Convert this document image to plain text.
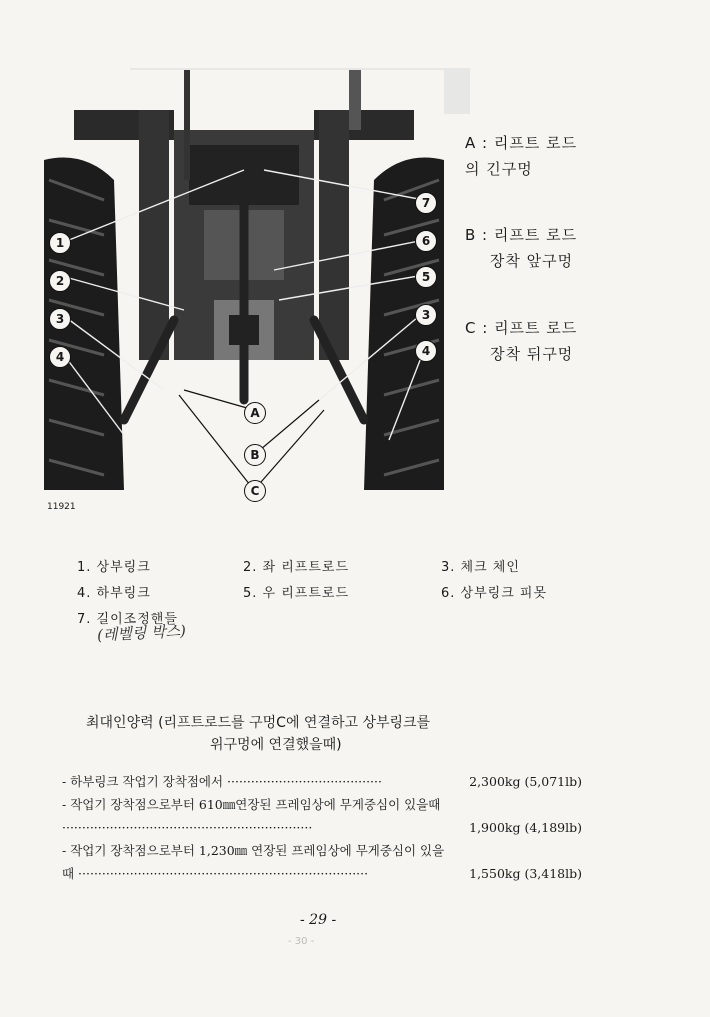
1
2
3
4
7
6
5
3
4
A
B
C
11921
A : 리프트 로드
의 긴구멍
B : 리프트 로드
장착 앞구멍
C : 리프트 로드
장착 뒤구멍
1. 상부링크	2. 좌 리프트로드	3. 체크 체인
4. 하부링크	5. 우 리프트로드	6. 상부링크 피못
7. 길이조정핸들
(레벨링 박스)
최대인양력 (리프트로드를 구멍C에 연결하고 상부링크를
위구멍에 연결했을때)
- 하부링크 작업기 장착점에서 ·······································	2,300kg (5,071lb)
- 작업기 장착점으로부터 610㎜연장된 프레임상에 무게중심이 있을때
·······························································	1,900kg (4,189lb)
- 작업기 장착점으로부터 1,230㎜ 연장된 프레임상에 무게중심이 있을
때 ·········································································	1,550kg (3,418lb)
- 29 -
- 30 -
